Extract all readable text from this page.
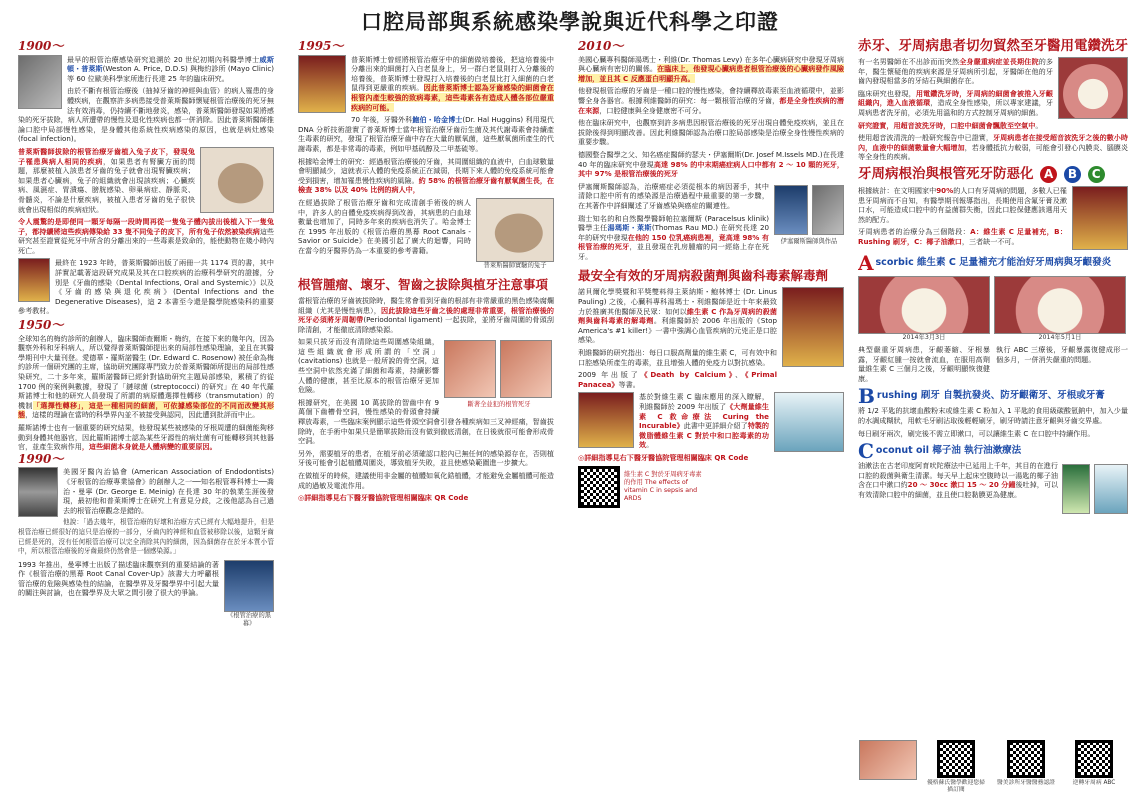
口腔局部與系統感染學說與近代科學之印證
1900～

最早的根管治療感染研究追溯於 20 世紀初期內科醫學博士威斯頓・普萊斯(Weston A. Price, D.D.S) 與梅約診所 (Mayo Clinic) 等 60 位歐美科學家所進行長達 25 年的臨床研究。

由於不斷有根管治療後（抽掉牙齒的神經與血管）的病人罹患的身體疾病，在觀察許多病患接受普萊斯醫師懷疑根管治療後的死牙無法有效消毒，仍持續不斷地發炎，感染，普萊斯醫師發現如果將感染的死牙拔除，病人所遭帶的慢性及退化性疾病也都一併消除。因此普萊斯醫師推論口腔中局部慢性感染，是身體其他系統性疾病感染的原因，也就是病灶感染 (focal infection)。

普萊斯醫師拔除的根管治療牙齒植入兔子皮下，發現兔子罹患與病人相同的疾病，如果患者有腎臟方面的問題，那麼被植入該患者牙齒的兔子就會出現腎臟疾病；如果患者心臟病，兔子的組織就會出現該疾病；心臟疾病、風濕症、胃潰瘍、膀胱感染、卵巢病症、靜脈炎、骨髓炎，不論是什麼疾病，被植入患者牙齒的兔子很快就會出現相似的疾病症狀。

令人震驚的是即便同一顆牙每隔一段時間再從一隻兔子體內拔出後植入下一隻兔子，都持續將這些疾病傳染給 33 隻不同兔子的皮下，所有兔子依然被染疾病這些研究甚至證實從死牙中所含的分離出來的一些毒素是致命的，能使動物在幾小時內死亡。

最終在 1923 年時，普萊斯醫師出版了兩冊一共 1174 頁的書，其中詳實記載著這段研究成果及其在口腔疾病的治療科學研究的證據，分別是《牙齒的感染（Dental Infections, Oral and Systemic）》以及《牙齒的感染與退化疾病》(Dental Infections and the Degenerative Diseases)，這 2 本書至今還是醫學院感染科的重要參考教材。

1950～

全球知名的梅約診所的創辦人，臨床醫師查爾斯・梅約，在接下來的幾年內，因為觀察外科和牙科病人，所以覺得普萊斯醫師提出來的局部性感染理論，並且在其醫學期刊中大量刊登。愛德華・羅斯諾醫生 (Dr. Edward C. Rosenow) 被任命為梅約診所一個研究團的主席，協助研究團隊專門致力於普萊斯醫師所提出的局部性感染研究，二十多年來，羅斯諾醫師已經針對協助研究主題局部感染，累積了約從 1700 例的案例與數據，發現了「鏈球菌 (streptococci) 的研究」在 40 年代羅斯諾博士和他的研究人員發現了所謂的病原體選擇性轉移（transmutation）的機制「選擇性轉移」，這是一種相同的細菌，可依據感染部位的不同而改變其形態，這樣的理論在當時的科學界內並不被接受與認同，因此遭到批評而中止。

羅斯諾博士也有一個重要的研究結果，他發現某些被感染的牙根周遭的細菌能夠移動到身體其他器官，因此羅斯諾博士認為某些牙源性的病灶菌有可能轉移到其他器官，並產生致病作用，這些細菌本身就是人體病變的重要原因。

1990～

美國牙醫內治協會 (American Association of Endodontists) 《牙根管的治療專業協會》的創辦人之一──知名根管專科博士──喬治・曼寧 (Dr. George E. Meinig) 在長達 30 年的執業生涯後發現，最初他和普萊斯博士在研究上有意見分歧，之後他認為自己過去的根管治療觀念是錯的。

他說：「過去幾年，根管治療的好壞和治療方式已經有大幅地提升，但是根管治療已經很好的這只是治療的一部分，牙齒內的神經和血管被移除以後，這顆牙齒已經是死的，沒有任何根管治療可以完全消除其內的細菌，因為細菌存在於牙本質小管中，所以根管治療後的牙齒最終仍然會是一個感染源。」

《根管治療的黑幕》

1993 年推出，曼寧博士出版了描述臨床觀察到的重要結論的著作《根管治療的黑幕 Root Canal Cover-Up》該書大力呼籲根管治療的危險與感染性的結論，在醫學界及牙醫學界中引起大量的關注與討論，也在醫學界及大眾之間引發了很大的爭論。

1995～

普萊斯博士曾經將根管治療牙中的細菌做培養後，把這培養後中分離出來的細菌打入白老鼠身上，另一群白老鼠則打入分離後的培養後，普萊斯博士發現打入培養後的白老鼠比打入細菌的白老鼠得到更嚴重的疾病。因此普萊斯博士認為牙齒感染的細菌會在根管內產生較強的致病毒素，這些毒素各有造成人體各部位嚴重疾病的可能。

70 年後，牙醫外科鮑伯・哈金博士(Dr. Hal Huggins) 利用現代 DNA 分析技術證實了普萊斯博士當年根管治療牙齒衍生菌及其代謝毒素會持續產生毒素的研究，發現了根管治療牙齒中存在大量的厭氧菌，這些厭氧菌所產生的代謝毒素，都是非常毒的毒素，例如甲基硫醇及二甲基硫等。

根據哈金博士的研究：經過根管治療後的牙齒，其周圍組織的血液中，白血球數量會明顯減少，這就表示人體的免疫系統正在減弱，長期下來人體的免疫系統可能會受到損害，增加罹患慢性疾病的風險。約 58% 的根管治療牙齒有厭氧菌生長，在檢查 38% 以及 40% 比例的病人中，

普萊斯醫師實驗的兔子

在經過拔除了根管治療牙齒和完成清創手術後的病人中，許多人的自體免疫疾病得到改善，其病患的白血球數量也增加了，同時多年來的疾病也消失了。哈金博士在 1995 年出版的《根管治療的黑幕 Root Canals - Savior or Suicide》在美國引起了廣大的迴響，同時在當今的牙醫界仍為一本重要的參考書籍。

根管腫瘤、壞牙、智齒之拔除與植牙注意事項

當根管治療的牙齒被拔除時，醫生常會看到牙齒的根部有非常嚴重的黑色感染腐爛組織（尤其是慢性病患），因此拔除這些牙齒之後的處理非常重要，根管治療後的死牙必須將牙周韌帶(Periodontal ligament) 一起拔除，並將牙齒周圍的骨頭刮除清創，才能徹底清除感染源。

斷著全並犯的根管死牙

如果只拔牙而沒有清除這些周圍感染組織，這些組織就會形成所謂的「空洞」(cavitations) 也就是一般所說的骨空洞，這些空洞中依然充滿了細菌和毒素，持續影響人體的健康，甚至比原本的根管治療牙更加危險。

根據研究，在美國 10 萬拔除的智齒中有 9 萬個下齒槽骨空洞，慢性感染的骨頭會持續釋放毒素，一些臨床案例顯示這些骨頭空洞會引發各種疾病如三叉神經痛，智齒拔除時，在手術中如果只是簡單拔除而沒有做到徹底清創，在日後就很可能會形成骨空洞。

另外，需要植牙的患者，在植牙前必須確認口腔內已無任何的感染源存在，否則植牙後可能會引起植體周圍炎，導致植牙失敗，並且使感染範圍進一步擴大。

在做植牙的時候，建議使用非金屬的植體如氧化鋯植體，才能避免金屬植體可能造成的過敏及電流作用。

◎詳細指導見右下醫牙醫協院管理相關臨床 QR Code

2010～

美國心臟專科醫師湯瑪士・利維(Dr. Thomas Levy) 在多年心臟病研究中發現牙周病與心臟病有密切的關係。在臨床上，他發現心臟病患者根管治療後的心臟病發作風險增加，並且其 C 反應蛋白明顯升高。

他發現根管治療的牙齒是一種口腔的慢性感染，會持續釋放毒素至血液循環中，並影響全身各器官。根據利維醫師的研究：每一顆根管治療的牙齒，都是全身性疾病的潛在來源，口腔健康與全身健康密不可分。

他在臨床研究中，也觀察到許多病患因根管治療後的死牙出現自體免疫疾病，並且在拔除後得到明顯改善。因此利維醫師認為治療口腔局部感染是治療全身性慢性疾病的重要步驟。

德國整合醫學之父、知名癌症醫師約瑟夫・伊塞爾斯(Dr. Josef M.Issels MD.)在長達 40 年的臨床研究中發現高達 98% 的中末期癌症病人口中都有 2 ～ 10 顆的死牙，其中 97% 是根管治療後的死牙

伊塞爾斯醫師與作品

伊塞爾斯醫師認為，治療癌症必須從根本的病因著手，其中清除口腔中所有的感染源是治療過程中最重要的第一步驟，在其著作中詳細闡述了牙齒感染與癌症的關連性。

瑞士知名的和自然醫學醫師帕拉塞爾斯 (Paracelsus klinik) 醫學主任湯瑪斯・萊斯(Thomas Rau MD.) 在研究長達 20 年的研究中發現在他的 150 位乳癌病患裡，竟高達 98% 有根管治療的死牙，並且發現在乳房腫瘤的同一經絡上存在死牙。

最安全有效的牙周病殺菌劑與齒科毒素解毒劑

諾貝爾化學獎暨和平獎雙料得主萊納斯・鮑林博士 (Dr. Linus Pauling) 之後，心臟科專科湯瑪士・利維醫師是近十年來最致力於推廣其他醫師及民眾：如何以維生素 C 作為牙周病的殺菌劑與齒科毒素的解毒劑。利維醫師於 2006 年出版的《Stop America's #1 killer!》一書中強調心血管疾病的元兇正是口腔感染。

利維醫師的研究指出：每日口服高劑量的維生素 C，可有效中和口腔感染所產生的毒素，並且增強人體的免疫力以對抗感染。

2009 年出版了《Death by Calcium》、《Primal Panacea》等書。

基於對維生素 C 臨床應用的深入瞭解，利維醫師於 2009 年出版了《大劑量維生素 C 救命療法 Curing the Incurable》此書中更詳細介紹了特製的微脂體維生素 C 對於中和口腔毒素的功效。

◎詳細指導見右下醫牙醫協院管理相關臨床 QR Code

維生素 C 對於牙周病牙毒素的作用 The effects of vitamin C in sepsis and ARDS
赤牙、牙周病患者切勿貿然至牙醫用電鑽洗牙

有一名男醫師在不出診而而突然全身嚴重病症並長期住院的多年，醫生懷疑他的疾病來源是牙周病所引起，牙醫師在他的牙齒內發現相當多的牙結石與細菌存在。

臨床研究也發現，用電鑽洗牙時，牙周病的細菌會被推入牙齦組織內，進入血液循環，造成全身性感染，所以專家建議，牙周病患者洗牙前，必須先用溫和的方式控制牙周病的細菌。

研究證實，用超音波洗牙時，口腔中細菌會飄散至空氣中。

使用超音波清洗的一般研究報告中已證實，牙周病患者在接受超音波洗牙之後的數小時內，血液中的細菌數量會大幅增加，若身體抵抗力較弱，可能會引發心內膜炎、腦膜炎等全身性的疾病。

牙周病根治與根管死牙防惡化 A B C

根據統計：在文明國家中90%的人口有牙周病的問題，多數人已罹患牙周病而不自知，有醫學期刊報導指出，長期使用含氟牙膏及漱口水，可能造成口腔中的有益菌群失衡，因此口腔保健應該選用天然的配方。

牙周病患者的治療分為三個階段：A：維生素 C 足量補充，B：Rushing 刷牙，C：椰子油漱口，三者缺一不可。

A scorbic 維生素 C 足量補充才能治好牙周病與牙齦發炎
2014年3月3日	2014年5月1日

典型嚴重牙周病患，牙齦萎縮、牙根暴露，牙齦紅腫一按就會流血，在服用高劑量維生素 C 三個月之後，牙齦明顯恢復健康。

執行 ABC 三療後，牙齦暴露復健成形一個多月，一併消失嚴重的問題。

B rushing 刷牙 自製抗發炎、防牙齦衛牙、牙根或牙膏

將 1/2 平匙的抗壞血酸粉末或維生素 C 粉加入 1 平匙的食用級碳酸氫鈉中，加入少量的水調成糊狀，用軟毛牙刷沾取後輕輕刷牙，刷牙時請注意牙齦與牙齒交界處。

每日刷牙兩次，刷完後不需立即漱口，可以讓維生素 C 在口腔中持續作用。

C oconut oil 椰子油 執行油漱療法

油漱法在古老印度阿育吠陀療法中已延用上千年，其目的在進行口腔的殺菌與衛生清潔。每天早上起床空腹時以一湯匙的椰子油含在口中漱口約20 ～ 30cc 漱口 15 ～ 20 分鐘後吐掉，可以有效清除口腔中的細菌，並且使口腔黏膜更為健康。

優格蘇氏醫學歡迎您掃描訂閱
醫美診所牙醫醫務認證	逆轉牙周病 ABC
